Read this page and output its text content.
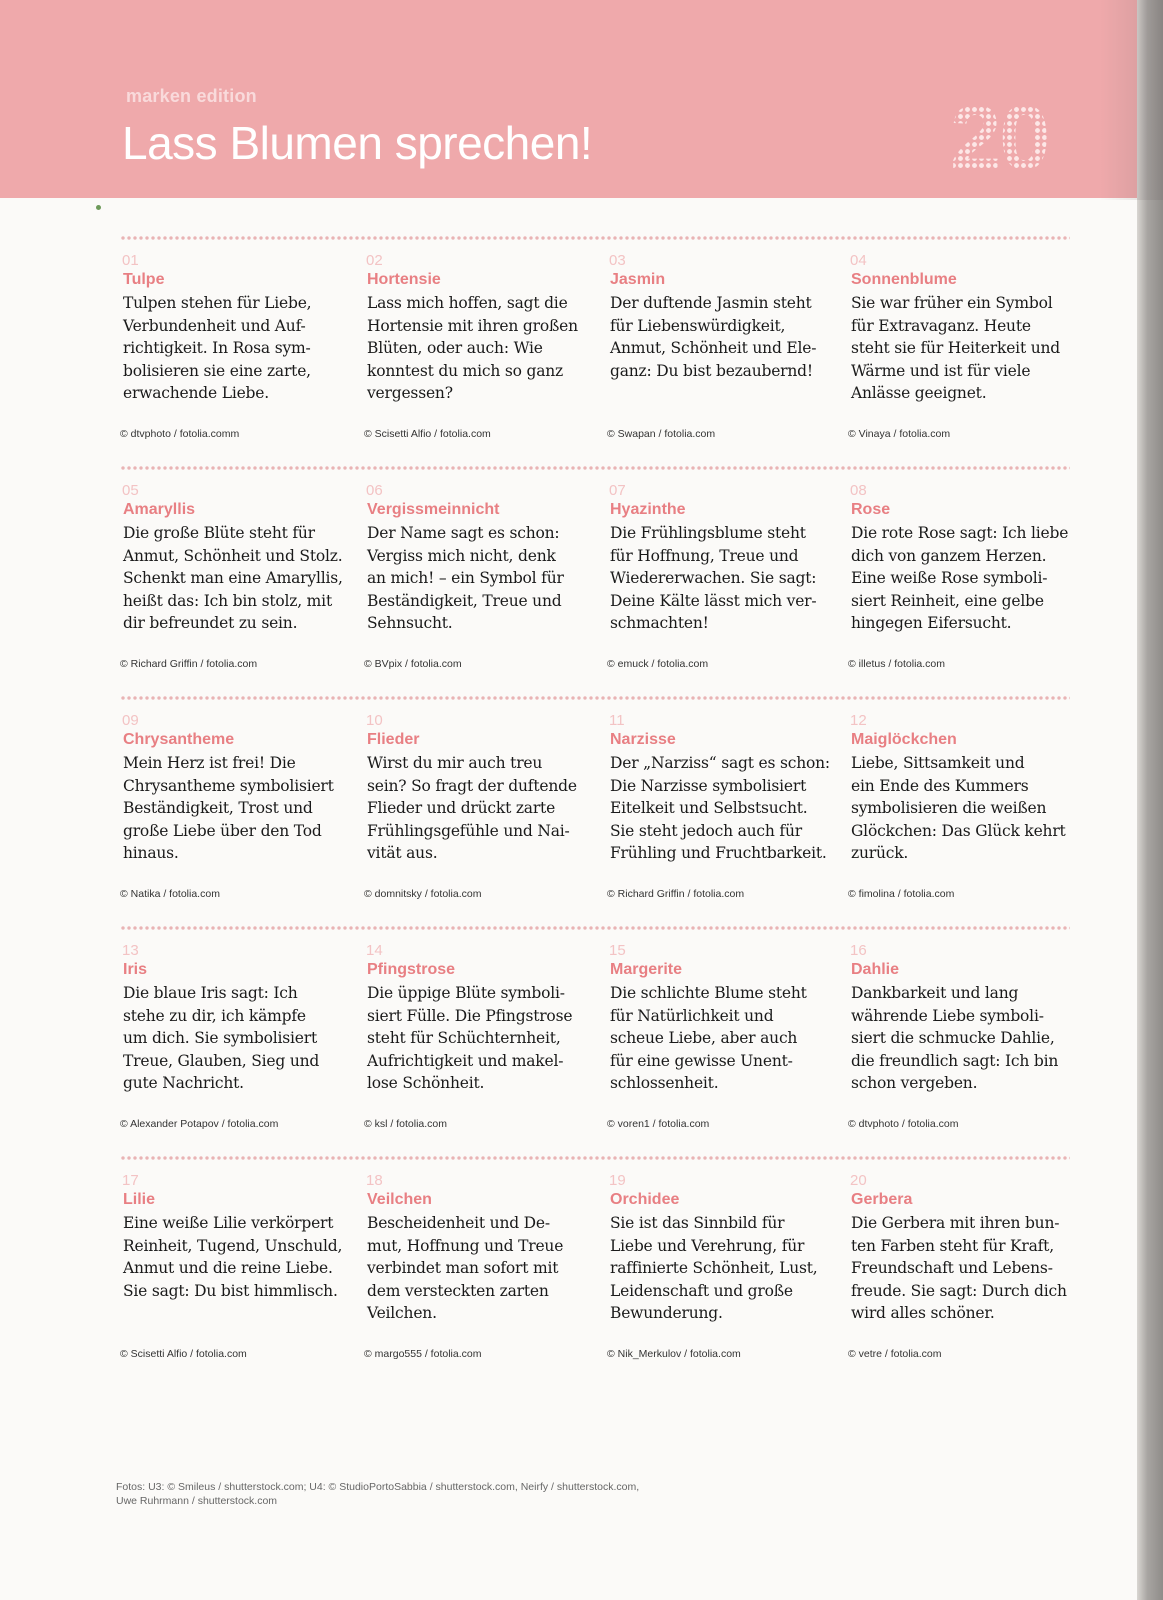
marken edition
Lass Blumen sprechen!	20
01
Tulpe
Tulpen stehen für Liebe,
Verbundenheit und Auf-
richtigkeit. In Rosa sym-
bolisieren sie eine zarte,
erwachende Liebe.
© dtvphoto / fotolia.comm
02
Hortensie
Lass mich hoffen, sagt die
Hortensie mit ihren großen
Blüten, oder auch: Wie
konntest du mich so ganz
vergessen?
© Scisetti Alfio / fotolia.com
03
Jasmin
Der duftende Jasmin steht
für Liebenswürdigkeit,
Anmut, Schönheit und Ele-
ganz: Du bist bezaubernd!
© Swapan / fotolia.com
04
Sonnenblume
Sie war früher ein Symbol
für Extravaganz. Heute
steht sie für Heiterkeit und
Wärme und ist für viele
Anlässe geeignet.
© Vinaya / fotolia.com
05
Amaryllis
Die große Blüte steht für
Anmut, Schönheit und Stolz.
Schenkt man eine Amaryllis,
heißt das: Ich bin stolz, mit
dir befreundet zu sein.
© Richard Griffin / fotolia.com
06
Vergissmeinnicht
Der Name sagt es schon:
Vergiss mich nicht, denk
an mich! – ein Symbol für
Beständigkeit, Treue und
Sehnsucht.
© BVpix / fotolia.com
07
Hyazinthe
Die Frühlingsblume steht
für Hoffnung, Treue und
Wiedererwachen. Sie sagt:
Deine Kälte lässt mich ver-
schmachten!
© emuck / fotolia.com
08
Rose
Die rote Rose sagt: Ich liebe
dich von ganzem Herzen.
Eine weiße Rose symboli-
siert Reinheit, eine gelbe
hingegen Eifersucht.
© illetus / fotolia.com
09
Chrysantheme
Mein Herz ist frei! Die
Chrysantheme symbolisiert
Beständigkeit, Trost und
große Liebe über den Tod
hinaus.
© Natika / fotolia.com
10
Flieder
Wirst du mir auch treu
sein? So fragt der duftende
Flieder und drückt zarte
Frühlingsgefühle und Nai-
vität aus.
© domnitsky / fotolia.com
11
Narzisse
Der „Narziss“ sagt es schon:
Die Narzisse symbolisiert
Eitelkeit und Selbstsucht.
Sie steht jedoch auch für
Frühling und Fruchtbarkeit.
© Richard Griffin / fotolia.com
12
Maiglöckchen
Liebe, Sittsamkeit und
ein Ende des Kummers
symbolisieren die weißen
Glöckchen: Das Glück kehrt
zurück.
© fimolina / fotolia.com
13
Iris
Die blaue Iris sagt: Ich
stehe zu dir, ich kämpfe
um dich. Sie symbolisiert
Treue, Glauben, Sieg und
gute Nachricht.
© Alexander Potapov / fotolia.com
14
Pfingstrose
Die üppige Blüte symboli-
siert Fülle. Die Pfingstrose
steht für Schüchternheit,
Aufrichtigkeit und makel-
lose Schönheit.
© ksl / fotolia.com
15
Margerite
Die schlichte Blume steht
für Natürlichkeit und
scheue Liebe, aber auch
für eine gewisse Unent-
schlossenheit.
© voren1 / fotolia.com
16
Dahlie
Dankbarkeit und lang
währende Liebe symboli-
siert die schmucke Dahlie,
die freundlich sagt: Ich bin
schon vergeben.
© dtvphoto / fotolia.com
17
Lilie
Eine weiße Lilie verkörpert
Reinheit, Tugend, Unschuld,
Anmut und die reine Liebe.
Sie sagt: Du bist himmlisch.
© Scisetti Alfio / fotolia.com
18
Veilchen
Bescheidenheit und De-
mut, Hoffnung und Treue
verbindet man sofort mit
dem versteckten zarten
Veilchen.
© margo555 / fotolia.com
19
Orchidee
Sie ist das Sinnbild für
Liebe und Verehrung, für
raffinierte Schönheit, Lust,
Leidenschaft und große
Bewunderung.
© Nik_Merkulov / fotolia.com
20
Gerbera
Die Gerbera mit ihren bun-
ten Farben steht für Kraft,
Freundschaft und Lebens-
freude. Sie sagt: Durch dich
wird alles schöner.
© vetre / fotolia.com
Fotos: U3: © Smileus / shutterstock.com; U4: © StudioPortoSabbia / shutterstock.com, Neirfy / shutterstock.com,
Uwe Ruhrmann / shutterstock.com
